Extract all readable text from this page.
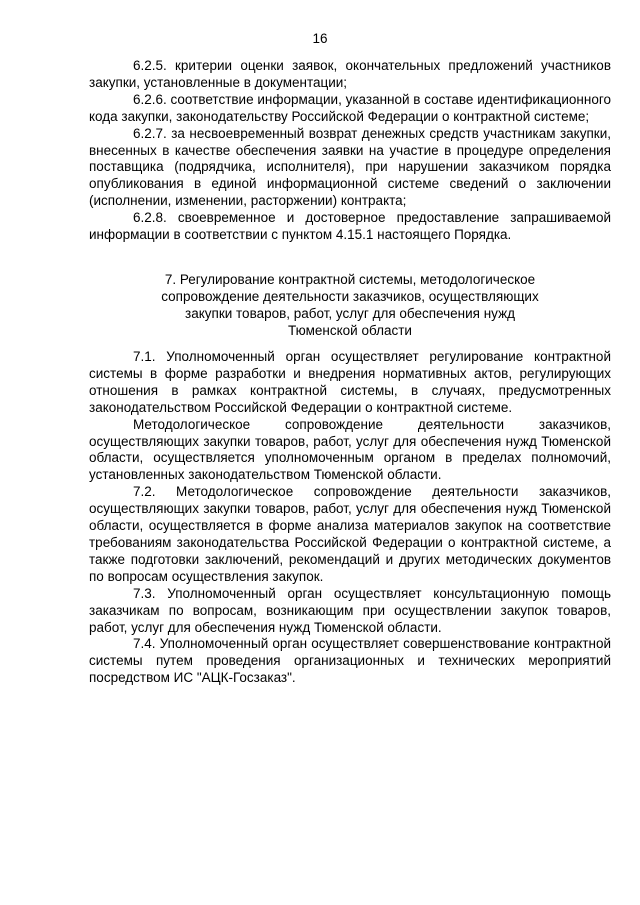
16

6.2.5. критерии оценки заявок, окончательных предложений участников закупки, установленные в документации;

6.2.6. соответствие информации, указанной в составе идентификационного кода закупки, законодательству Российской Федерации о контрактной системе;

6.2.7. за несвоевременный возврат денежных средств участникам закупки, внесенных в качестве обеспечения заявки на участие в процедуре определения поставщика (подрядчика, исполнителя), при нарушении заказчиком порядка опубликования в единой информационной системе сведений о заключении (исполнении, изменении, расторжении) контракта;

6.2.8. своевременное и достоверное предоставление запрашиваемой информации в соответствии с пунктом 4.15.1 настоящего Порядка.

7. Регулирование контрактной системы, методологическое
сопровождение деятельности заказчиков, осуществляющих
закупки товаров, работ, услуг для обеспечения нужд
Тюменской области

7.1. Уполномоченный орган осуществляет регулирование контрактной системы в форме разработки и внедрения нормативных актов, регулирующих отношения в рамках контрактной системы, в случаях, предусмотренных законодательством Российской Федерации о контрактной системе.

Методологическое сопровождение деятельности заказчиков, осуществляющих закупки товаров, работ, услуг для обеспечения нужд Тюменской области, осуществляется уполномоченным органом в пределах полномочий, установленных законодательством Тюменской области.

7.2. Методологическое сопровождение деятельности заказчиков, осуществляющих закупки товаров, работ, услуг для обеспечения нужд Тюменской области, осуществляется в форме анализа материалов закупок на соответствие требованиям законодательства Российской Федерации о контрактной системе, а также подготовки заключений, рекомендаций и других методических документов по вопросам осуществления закупок.

7.3. Уполномоченный орган осуществляет консультационную помощь заказчикам по вопросам, возникающим при осуществлении закупок товаров, работ, услуг для обеспечения нужд Тюменской области.

7.4. Уполномоченный орган осуществляет совершенствование контрактной системы путем проведения организационных и технических мероприятий посредством ИС "АЦК-Госзаказ".
